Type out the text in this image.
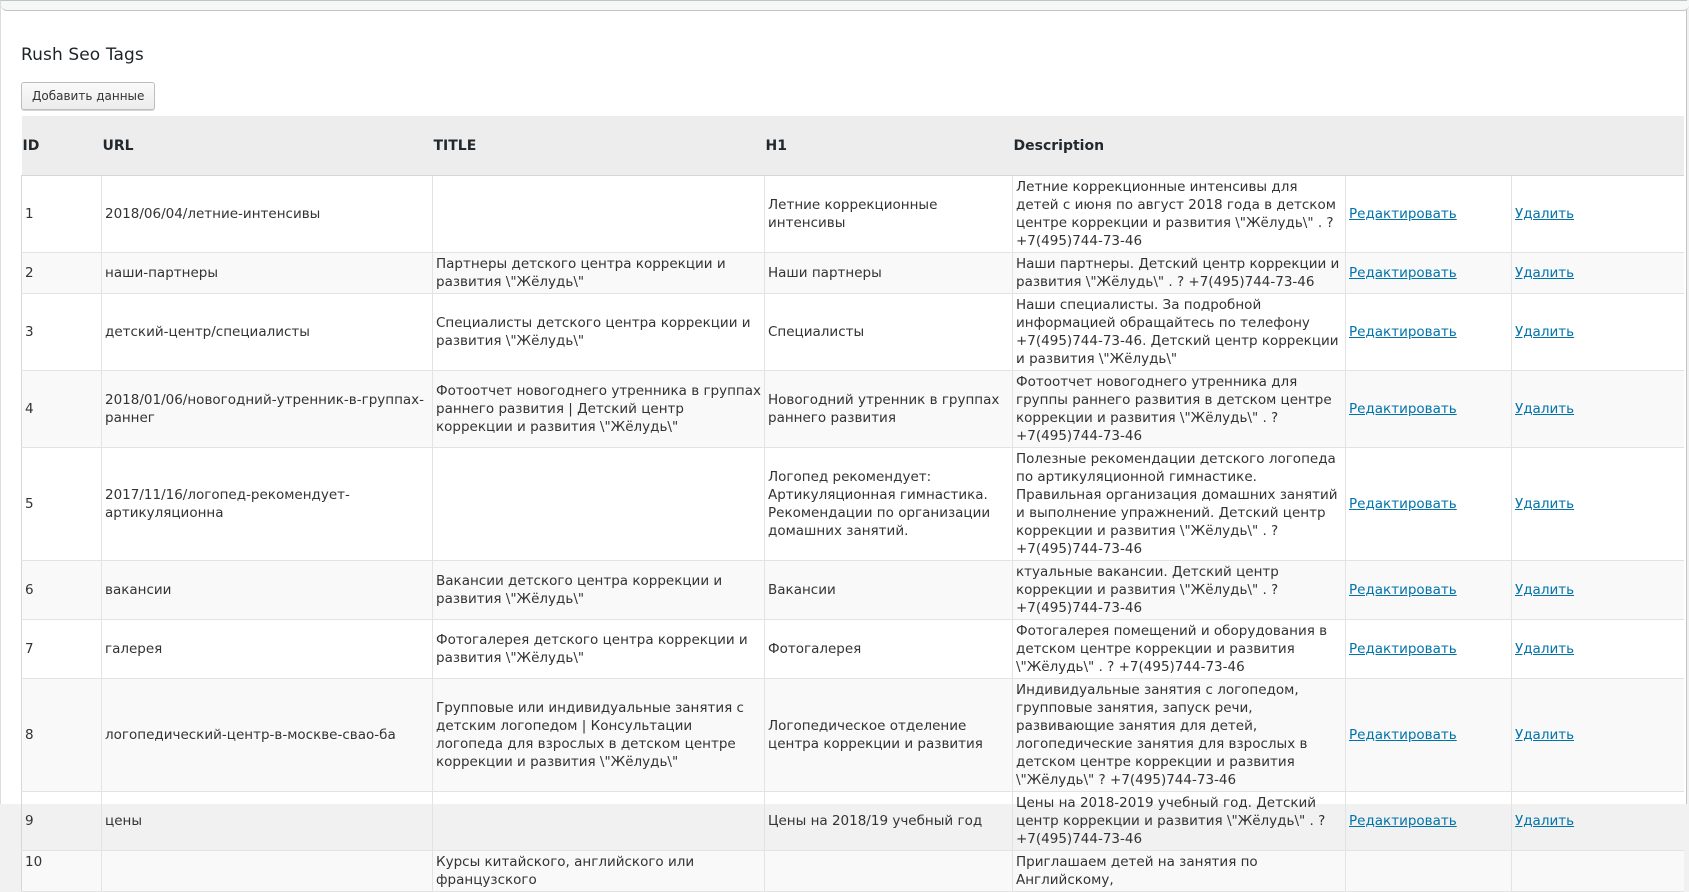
Rush Seo Tags
Добавить данные
ID	URL	TITLE	H1	Description		
1	2018/06/04/летние-интенсивы		Летние коррекционные интенсивы	Летние коррекционные интенсивы для детей с июня по август 2018 года в детском центре коррекции и развития \"Жёлудь\" . ? +7(495)744-73-46	Редактировать	Удалить
2	наши-партнеры	Партнеры детского центра коррекции и развития \"Жёлудь\"	Наши партнеры	Наши партнеры. Детский центр коррекции и развития \"Жёлудь\" . ? +7(495)744-73-46	Редактировать	Удалить
3	детский-центр/специалисты	Специалисты детского центра коррекции и развития \"Жёлудь\"	Специалисты	Наши специалисты. За подробной информацией обращайтесь по телефону +7(495)744-73-46. Детский центр коррекции и развития \"Жёлудь\"	Редактировать	Удалить
4	2018/01/06/новогодний-утренник-в-группах-раннег	Фотоотчет новогоднего утренника в группах раннего развития | Детский центр коррекции и развития \"Жёлудь\"	Новогодний утренник в группах раннего развития	Фотоотчет новогоднего утренника для группы раннего развития в детском центре коррекции и развития \"Жёлудь\" . ? +7(495)744-73-46	Редактировать	Удалить
5	2017/11/16/логопед-рекомендует-артикуляционна		Логопед рекомендует: Артикуляционная гимнастика. Рекомендации по организации домашних занятий.	Полезные рекомендации детского логопеда по артикуляционной гимнастике. Правильная организация домашних занятий и выполнение упражнений. Детский центр коррекции и развития \"Жёлудь\" . ? +7(495)744-73-46	Редактировать	Удалить
6	вакансии	Вакансии детского центра коррекции и развития \"Жёлудь\"	Вакансии	ктуальные вакансии. Детский центр коррекции и развития \"Жёлудь\" . ? +7(495)744-73-46	Редактировать	Удалить
7	галерея	Фотогалерея детского центра коррекции и развития \"Жёлудь\"	Фотогалерея	Фотогалерея помещений и оборудования в детском центре коррекции и развития \"Жёлудь\" . ? +7(495)744-73-46	Редактировать	Удалить
8	логопедический-центр-в-москве-свао-ба	Групповые или индивидуальные занятия с детским логопедом | Консультации логопеда для взрослых в детском центре коррекции и развития \"Жёлудь\"	Логопедическое отделение центра коррекции и развития	Индивидуальные занятия с логопедом, групповые занятия, запуск речи, развивающие занятия для детей, логопедические занятия для взрослых в детском центре коррекции и развития \"Жёлудь\" ? +7(495)744-73-46	Редактировать	Удалить
9	цены		Цены на 2018/19 учебный год	Цены на 2018-2019 учебный год. Детский центр коррекции и развития \"Жёлудь\" . ? +7(495)744-73-46	Редактировать	Удалить
10		Курсы китайского, английского или французского		Приглашаем детей на занятия по Английскому,		
